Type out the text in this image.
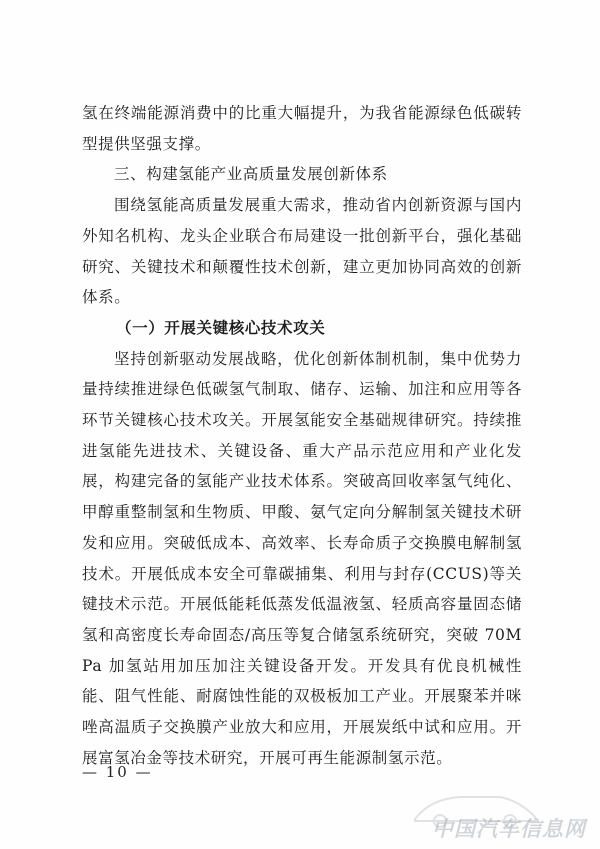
氢在终端能源消费中的比重大幅提升，为我省能源绿色低碳转型提供坚强支撑。

三、构建氢能产业高质量发展创新体系

围绕氢能高质量发展重大需求，推动省内创新资源与国内外知名机构、龙头企业联合布局建设一批创新平台，强化基础研究、关键技术和颠覆性技术创新，建立更加协同高效的创新体系。

（一）开展关键核心技术攻关

坚持创新驱动发展战略，优化创新体制机制，集中优势力量持续推进绿色低碳氢气制取、储存、运输、加注和应用等各环节关键核心技术攻关。开展氢能安全基础规律研究。持续推进氢能先进技术、关键设备、重大产品示范应用和产业化发展，构建完备的氢能产业技术体系。突破高回收率氢气纯化、甲醇重整制氢和生物质、甲酸、氨气定向分解制氢关键技术研发和应用。突破低成本、高效率、长寿命质子交换膜电解制氢技术。开展低成本安全可靠碳捕集、利用与封存(CCUS)等关键技术示范。开展低能耗低蒸发低温液氢、轻质高容量固态储氢和高密度长寿命固态/高压等复合储氢系统研究，突破 70MPa 加氢站用加压加注关键设备开发。开发具有优良机械性能、阻气性能、耐腐蚀性能的双极板加工产业。开展聚苯并咪唑高温质子交换膜产业放大和应用，开展炭纸中试和应用。开展富氢冶金等技术研究，开展可再生能源制氢示范。

— 10 —
中国汽车信息网
